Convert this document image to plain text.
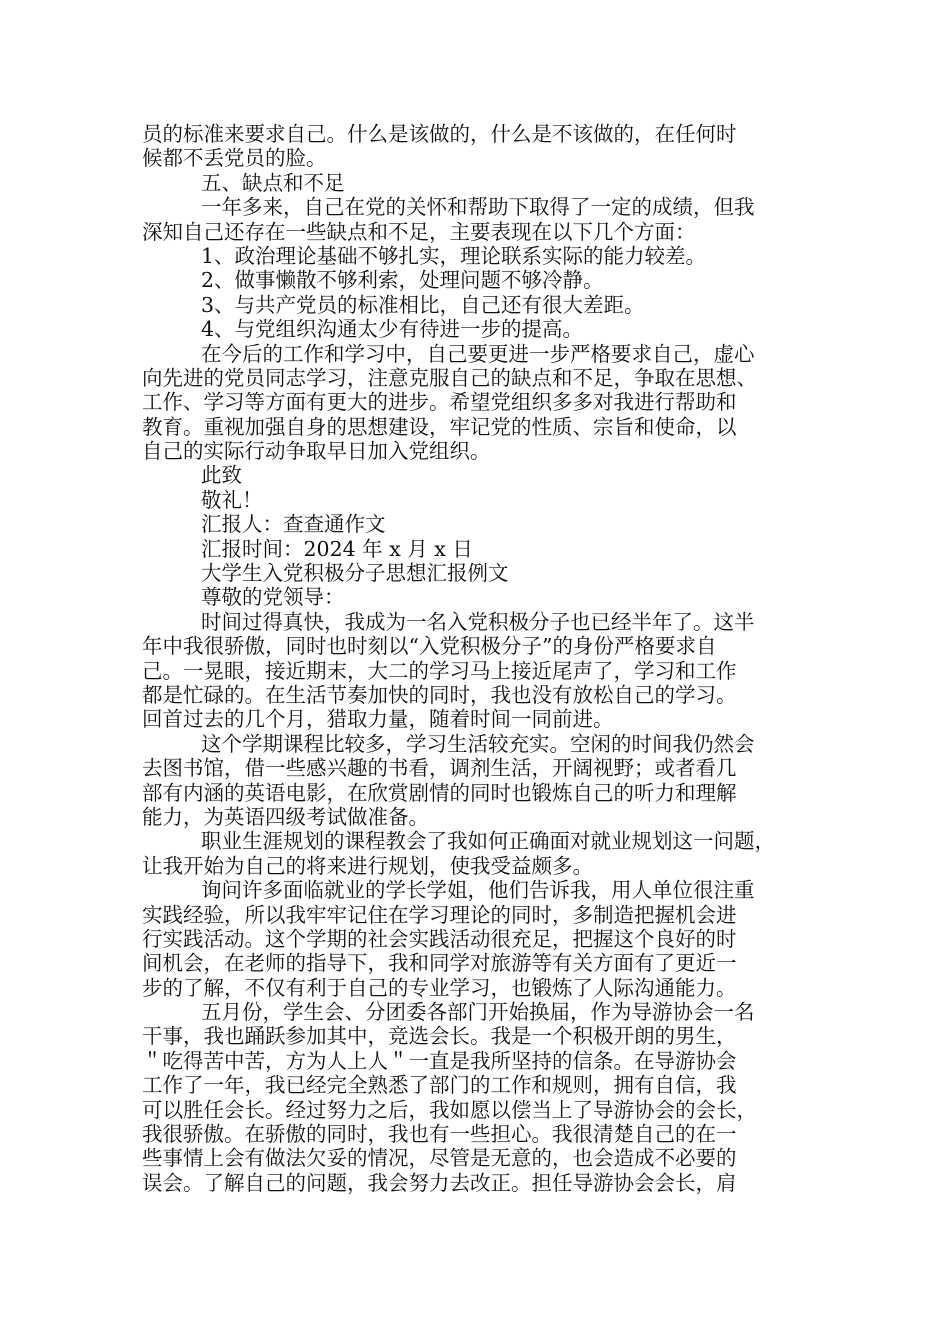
员的标准来要求自己。什么是该做的，什么是不该做的，在任何时
候都不丢党员的脸。
五、缺点和不足
一年多来，自己在党的关怀和帮助下取得了一定的成绩，但我
深知自己还存在一些缺点和不足，主要表现在以下几个方面：
1、政治理论基础不够扎实，理论联系实际的能力较差。
2、做事懒散不够利索，处理问题不够冷静。
3、与共产党员的标准相比，自己还有很大差距。
4、与党组织沟通太少有待进一步的提高。
在今后的工作和学习中，自己要更进一步严格要求自己，虚心
向先进的党员同志学习，注意克服自己的缺点和不足，争取在思想、
工作、学习等方面有更大的进步。希望党组织多多对我进行帮助和
教育。重视加强自身的思想建设，牢记党的性质、宗旨和使命，以
自己的实际行动争取早日加入党组织。
此致
敬礼！
汇报人：查查通作文
汇报时间：2024 年 x 月 x 日
大学生入党积极分子思想汇报例文
尊敬的党领导：
时间过得真快，我成为一名入党积极分子也已经半年了。这半
年中我很骄傲，同时也时刻以“入党积极分子”的身份严格要求自
己。一晃眼，接近期末，大二的学习马上接近尾声了，学习和工作
都是忙碌的。在生活节奏加快的同时，我也没有放松自己的学习。
回首过去的几个月，猎取力量，随着时间一同前进。
这个学期课程比较多，学习生活较充实。空闲的时间我仍然会
去图书馆，借一些感兴趣的书看，调剂生活，开阔视野；或者看几
部有内涵的英语电影，在欣赏剧情的同时也锻炼自己的听力和理解
能力，为英语四级考试做准备。
职业生涯规划的课程教会了我如何正确面对就业规划这一问题，
让我开始为自己的将来进行规划，使我受益颇多。
询问许多面临就业的学长学姐，他们告诉我，用人单位很注重
实践经验，所以我牢牢记住在学习理论的同时，多制造把握机会进
行实践活动。这个学期的社会实践活动很充足，把握这个良好的时
间机会，在老师的指导下，我和同学对旅游等有关方面有了更近一
步的了解，不仅有利于自己的专业学习，也锻炼了人际沟通能力。
五月份，学生会、分团委各部门开始换届，作为导游协会一名
干事，我也踊跃参加其中，竞选会长。我是一个积极开朗的男生，
＂吃得苦中苦，方为人上人＂一直是我所坚持的信条。在导游协会
工作了一年，我已经完全熟悉了部门的工作和规则，拥有自信，我
可以胜任会长。经过努力之后，我如愿以偿当上了导游协会的会长，
我很骄傲。在骄傲的同时，我也有一些担心。我很清楚自己的在一
些事情上会有做法欠妥的情况，尽管是无意的，也会造成不必要的
误会。了解自己的问题，我会努力去改正。担任导游协会会长，肩
